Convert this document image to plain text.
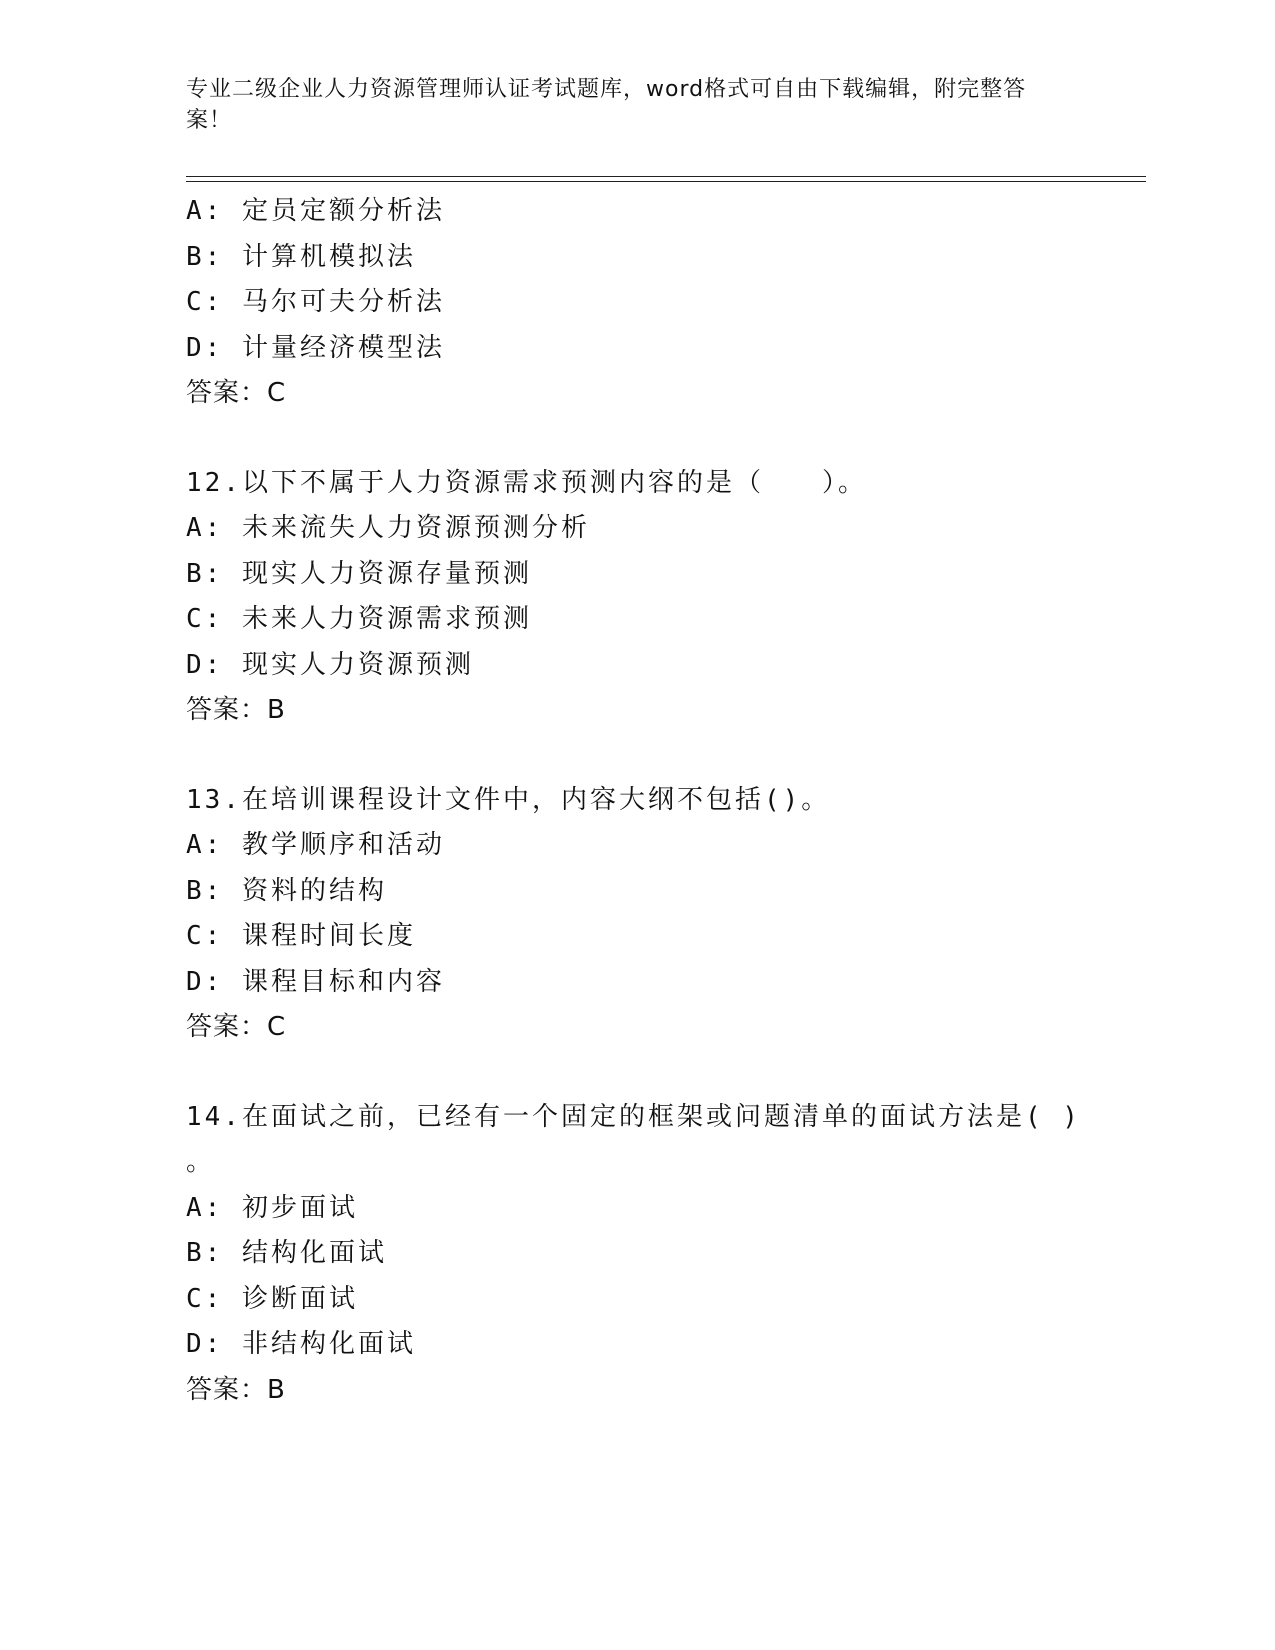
专业二级企业人力资源管理师认证考试题库，word格式可自由下载编辑，附完整答案！
A: 定员定额分析法
B: 计算机模拟法
C: 马尔可夫分析法
D: 计量经济模型法
答案：C
12.以下不属于人力资源需求预测内容的是（　　）。
A: 未来流失人力资源预测分析
B: 现实人力资源存量预测
C: 未来人力资源需求预测
D: 现实人力资源预测
答案：B
13.在培训课程设计文件中，内容大纲不包括()。
A: 教学顺序和活动
B: 资料的结构
C: 课程时间长度
D: 课程目标和内容
答案：C
14.在面试之前，已经有一个固定的框架或问题清单的面试方法是( )
。
A: 初步面试
B: 结构化面试
C: 诊断面试
D: 非结构化面试
答案：B
